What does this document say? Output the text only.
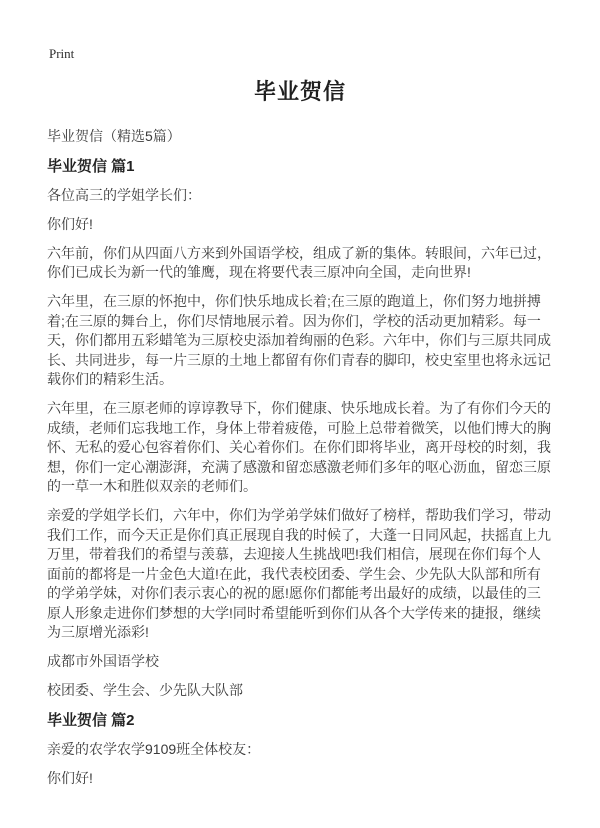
Print
毕业贺信
毕业贺信（精选5篇）
毕业贺信 篇1

各位高三的学姐学长们：

你们好!

六年前，你们从四面八方来到外国语学校，组成了新的集体。转眼间，六年已过，你们已成长为新一代的雏鹰，现在将要代表三原冲向全国，走向世界!

六年里，在三原的怀抱中，你们快乐地成长着;在三原的跑道上，你们努力地拼搏着;在三原的舞台上，你们尽情地展示着。因为你们，学校的活动更加精彩。每一天，你们都用五彩蜡笔为三原校史添加着绚丽的色彩。六年中，你们与三原共同成长、共同进步，每一片三原的土地上都留有你们青春的脚印，校史室里也将永远记载你们的精彩生活。

六年里，在三原老师的谆谆教导下，你们健康、快乐地成长着。为了有你们今天的成绩，老师们忘我地工作，身体上带着疲倦，可脸上总带着微笑，以他们博大的胸怀、无私的爱心包容着你们、关心着你们。在你们即将毕业，离开母校的时刻，我想，你们一定心潮澎湃，充满了感激和留恋感激老师们多年的呕心沥血，留恋三原的一草一木和胜似双亲的老师们。

亲爱的学姐学长们，六年中，你们为学弟学妹们做好了榜样，帮助我们学习，带动我们工作，而今天正是你们真正展现自我的时候了，大蓬一日同风起，扶摇直上九万里，带着我们的希望与羡慕，去迎接人生挑战吧!我们相信，展现在你们每个人面前的都将是一片金色大道!在此，我代表校团委、学生会、少先队大队部和所有的学弟学妹，对你们表示衷心的祝的愿!愿你们都能考出最好的成绩，以最佳的三原人形象走进你们梦想的大学!同时希望能听到你们从各个大学传来的捷报，继续为三原增光添彩!

成都市外国语学校

校团委、学生会、少先队大队部

毕业贺信 篇2

亲爱的农学农学9109班全体校友：

你们好!
